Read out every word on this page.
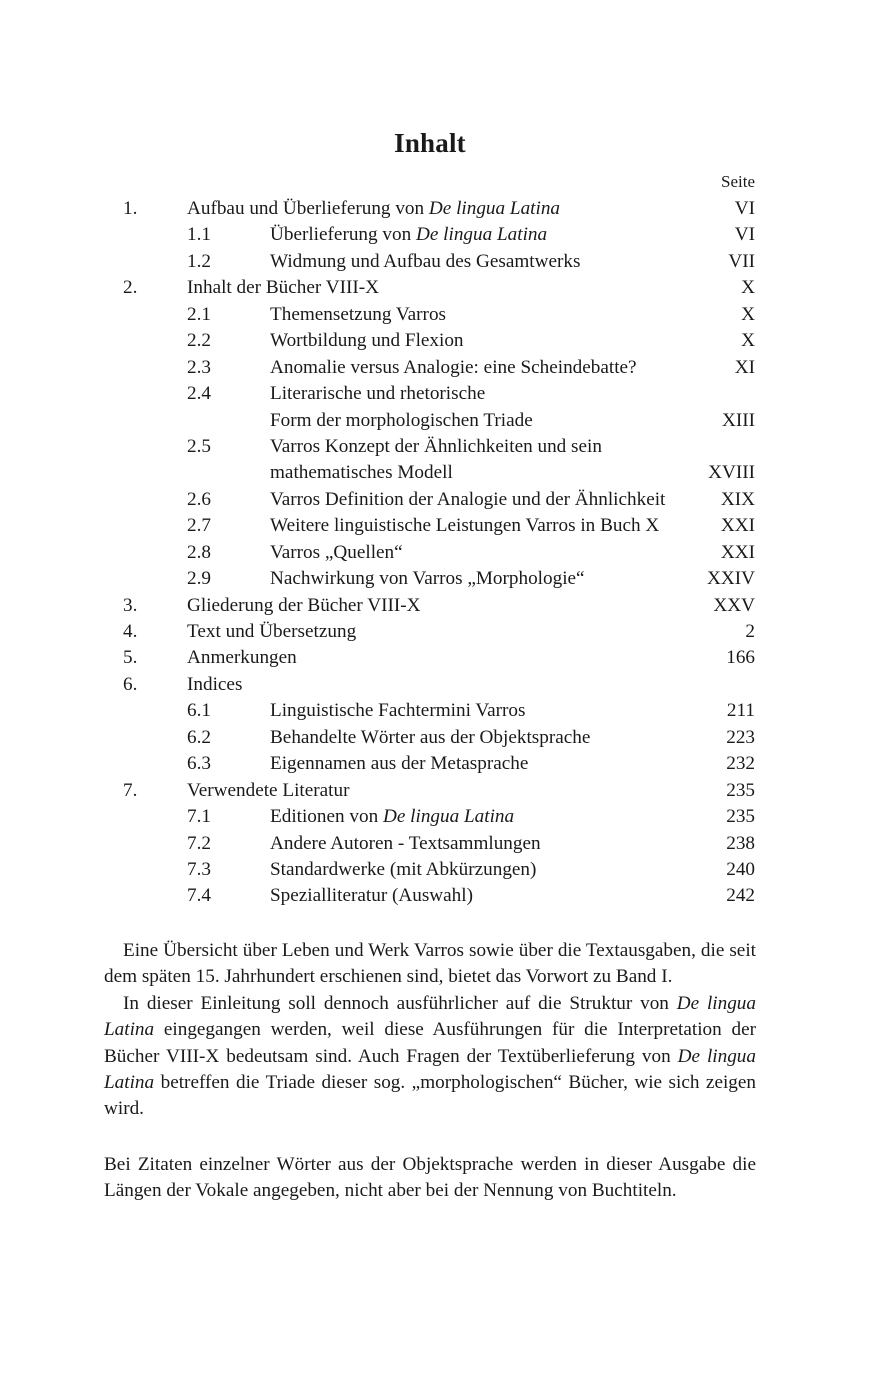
Inhalt
Seite
1.	Aufbau und Überlieferung von De lingua Latina	VI
1.1	Überlieferung von De lingua Latina	VI
1.2	Widmung und Aufbau des Gesamtwerks	VII
2.	Inhalt der Bücher VIII-X	X
2.1	Themensetzung Varros	X
2.2	Wortbildung und Flexion	X
2.3	Anomalie versus Analogie: eine Scheindebatte?	XI
2.4	Literarische und rhetorische
Form der morphologischen Triade	XIII
2.5	Varros Konzept der Ähnlichkeiten und sein
mathematisches Modell	XVIII
2.6	Varros Definition der Analogie und der Ähnlichkeit	XIX
2.7	Weitere linguistische Leistungen Varros in Buch X	XXI
2.8	Varros „Quellen“	XXI
2.9	Nachwirkung von Varros „Morphologie“	XXIV
3.	Gliederung der Bücher VIII-X	XXV
4.	Text und Übersetzung	2
5.	Anmerkungen	166
6.	Indices
6.1	Linguistische Fachtermini Varros	211
6.2	Behandelte Wörter aus der Objektsprache	223
6.3	Eigennamen aus der Metasprache	232
7.	Verwendete Literatur	235
7.1	Editionen von De lingua Latina	235
7.2	Andere Autoren - Textsammlungen	238
7.3	Standardwerke (mit Abkürzungen)	240
7.4	Spezialliteratur (Auswahl)	242

Eine Übersicht über Leben und Werk Varros sowie über die Textausgaben, die seit dem späten 15. Jahrhundert erschienen sind, bietet das Vorwort zu Band I.

In dieser Einleitung soll dennoch ausführlicher auf die Struktur von De lingua Latina eingegangen werden, weil diese Ausführungen für die Interpretation der Bücher VIII-X bedeutsam sind. Auch Fragen der Textüberlieferung von De lingua Latina betreffen die Triade dieser sog. „morphologischen“ Bücher, wie sich zeigen wird.

Bei Zitaten einzelner Wörter aus der Objektsprache werden in dieser Ausgabe die Längen der Vokale angegeben, nicht aber bei der Nennung von Buchtiteln.
